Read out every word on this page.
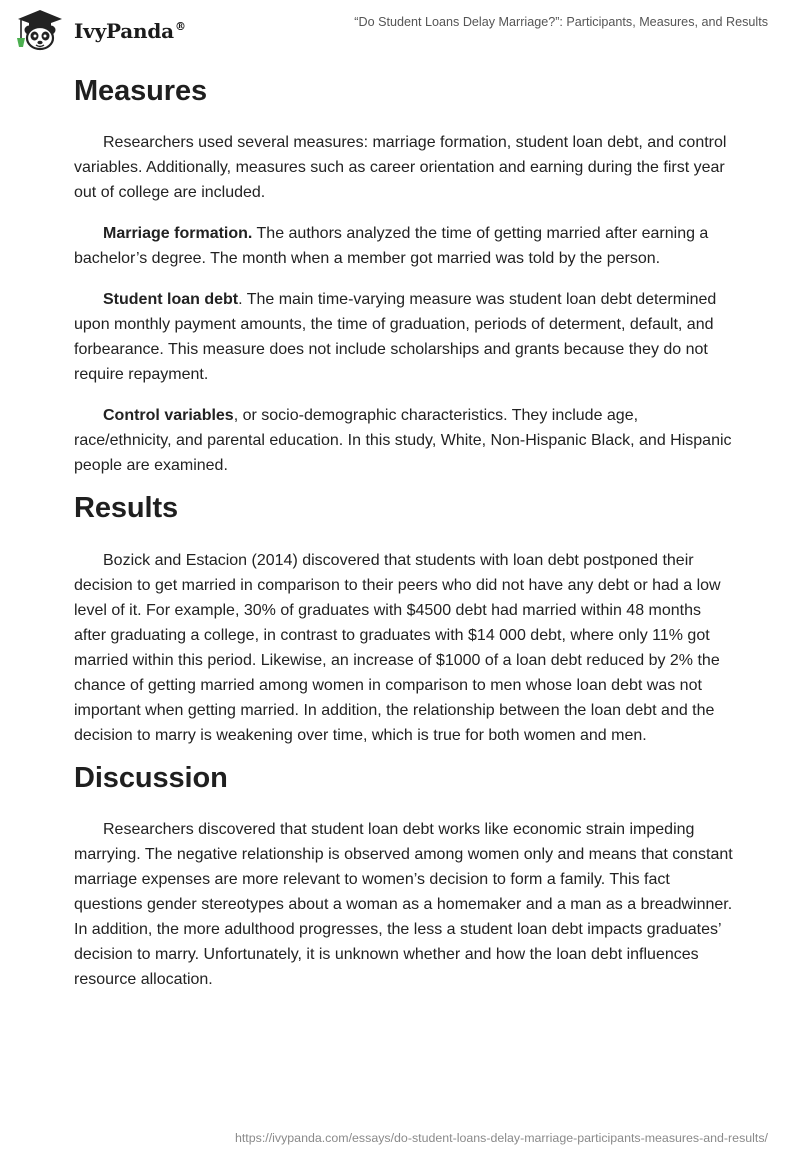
IvyPanda®	“Do Student Loans Delay Marriage?”: Participants, Measures, and Results
Measures

Researchers used several measures: marriage formation, student loan debt, and control variables. Additionally, measures such as career orientation and earning during the first year out of college are included.

Marriage formation. The authors analyzed the time of getting married after earning a bachelor’s degree. The month when a member got married was told by the person.

Student loan debt. The main time-varying measure was student loan debt determined upon monthly payment amounts, the time of graduation, periods of determent, default, and forbearance. This measure does not include scholarships and grants because they do not require repayment.

Control variables, or socio-demographic characteristics. They include age, race/ethnicity, and parental education. In this study, White, Non-Hispanic Black, and Hispanic people are examined.

Results

Bozick and Estacion (2014) discovered that students with loan debt postponed their decision to get married in comparison to their peers who did not have any debt or had a low level of it. For example, 30% of graduates with $4500 debt had married within 48 months after graduating a college, in contrast to graduates with $14 000 debt, where only 11% got married within this period. Likewise, an increase of $1000 of a loan debt reduced by 2% the chance of getting married among women in comparison to men whose loan debt was not important when getting married. In addition, the relationship between the loan debt and the decision to marry is weakening over time, which is true for both women and men.

Discussion

Researchers discovered that student loan debt works like economic strain impeding marrying. The negative relationship is observed among women only and means that constant marriage expenses are more relevant to women’s decision to form a family. This fact questions gender stereotypes about a woman as a homemaker and a man as a breadwinner. In addition, the more adulthood progresses, the less a student loan debt impacts graduates’ decision to marry. Unfortunately, it is unknown whether and how the loan debt influences resource allocation.

https://ivypanda.com/essays/do-student-loans-delay-marriage-participants-measures-and-results/
